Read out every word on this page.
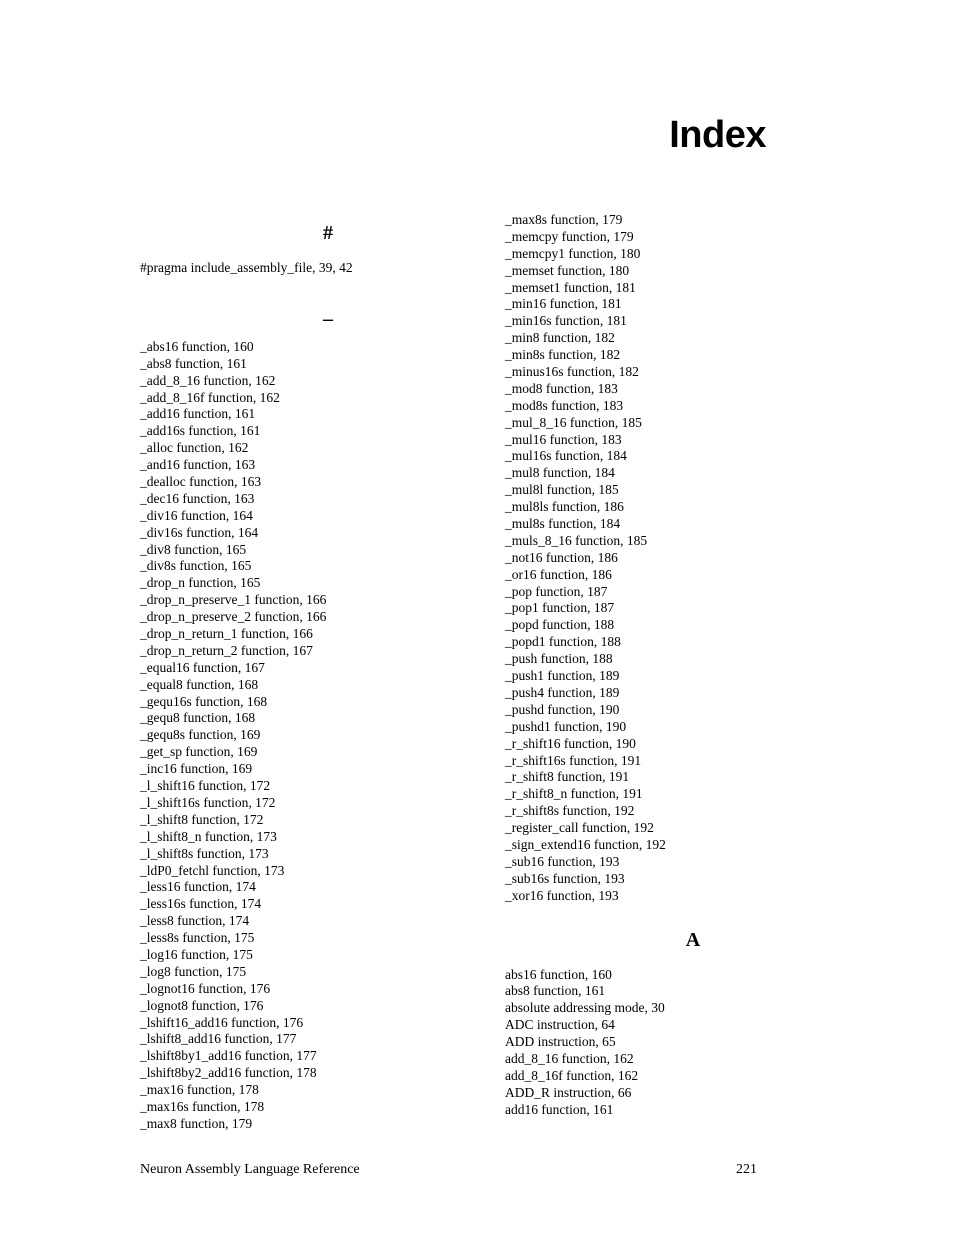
Index
#
#pragma include_assembly_file, 39, 42
_
_abs16 function, 160
_abs8 function, 161
_add_8_16 function, 162
_add_8_16f function, 162
_add16 function, 161
_add16s function, 161
_alloc function, 162
_and16 function, 163
_dealloc function, 163
_dec16 function, 163
_div16 function, 164
_div16s function, 164
_div8 function, 165
_div8s function, 165
_drop_n function, 165
_drop_n_preserve_1 function, 166
_drop_n_preserve_2 function, 166
_drop_n_return_1 function, 166
_drop_n_return_2 function, 167
_equal16 function, 167
_equal8 function, 168
_gequ16s function, 168
_gequ8 function, 168
_gequ8s function, 169
_get_sp function, 169
_inc16 function, 169
_l_shift16 function, 172
_l_shift16s function, 172
_l_shift8 function, 172
_l_shift8_n function, 173
_l_shift8s function, 173
_ldP0_fetchl function, 173
_less16 function, 174
_less16s function, 174
_less8 function, 174
_less8s function, 175
_log16 function, 175
_log8 function, 175
_lognot16 function, 176
_lognot8 function, 176
_lshift16_add16 function, 176
_lshift8_add16 function, 177
_lshift8by1_add16 function, 177
_lshift8by2_add16 function, 178
_max16 function, 178
_max16s function, 178
_max8 function, 179
_max8s function, 179
_memcpy function, 179
_memcpy1 function, 180
_memset function, 180
_memset1 function, 181
_min16 function, 181
_min16s function, 181
_min8 function, 182
_min8s function, 182
_minus16s function, 182
_mod8 function, 183
_mod8s function, 183
_mul_8_16 function, 185
_mul16 function, 183
_mul16s function, 184
_mul8 function, 184
_mul8l function, 185
_mul8ls function, 186
_mul8s function, 184
_muls_8_16 function, 185
_not16 function, 186
_or16 function, 186
_pop function, 187
_pop1 function, 187
_popd function, 188
_popd1 function, 188
_push function, 188
_push1 function, 189
_push4 function, 189
_pushd function, 190
_pushd1 function, 190
_r_shift16 function, 190
_r_shift16s function, 191
_r_shift8 function, 191
_r_shift8_n function, 191
_r_shift8s function, 192
_register_call function, 192
_sign_extend16 function, 192
_sub16 function, 193
_sub16s function, 193
_xor16 function, 193
A
abs16 function, 160
abs8 function, 161
absolute addressing mode, 30
ADC instruction, 64
ADD instruction, 65
add_8_16 function, 162
add_8_16f function, 162
ADD_R instruction, 66
add16 function, 161
Neuron Assembly Language Reference	221
